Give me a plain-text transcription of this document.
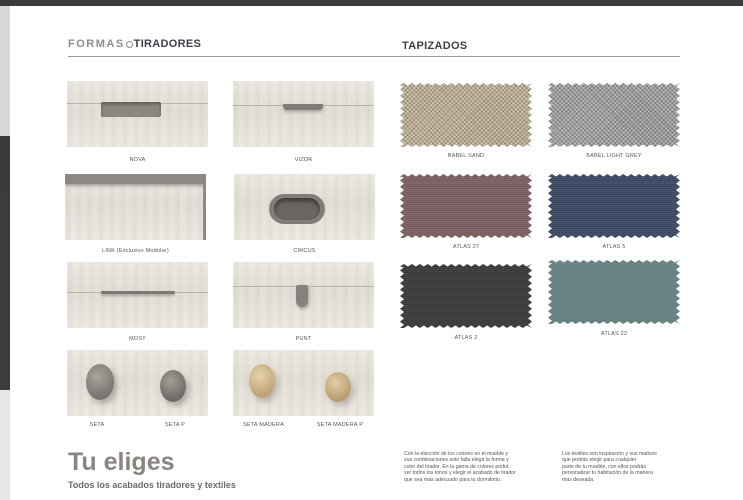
FORMAS TIRADORES	TAPIZADOS
NOVA	VIZOR
LINK (Exclusivo Modular)	CIRCUS
MOST	PUNT
SETA	SETA P	SETA MADERA	SETA MADERA P
BABEL SAND	BABEL LIGHT GREY
ATLAS 27	ATLAS 5
ATLAS 2
ATLAS 22
Tu eliges
Todos los acabados tiradores y textiles
Con la elección de los colores en el mueble y
sus combinaciones solo falta elegir la forma y
color del tirador. En la gama de colores podrá
ver todos los tonos y elegir el acabado de tirador
que sea más adecuado para tu dormitorio.
Los textiles son inspiración y sus matices
que podrás elegir para cualquier
parte de tu mueble, con ellos podrás
personalizar tu habitación de la manera
más deseada.
